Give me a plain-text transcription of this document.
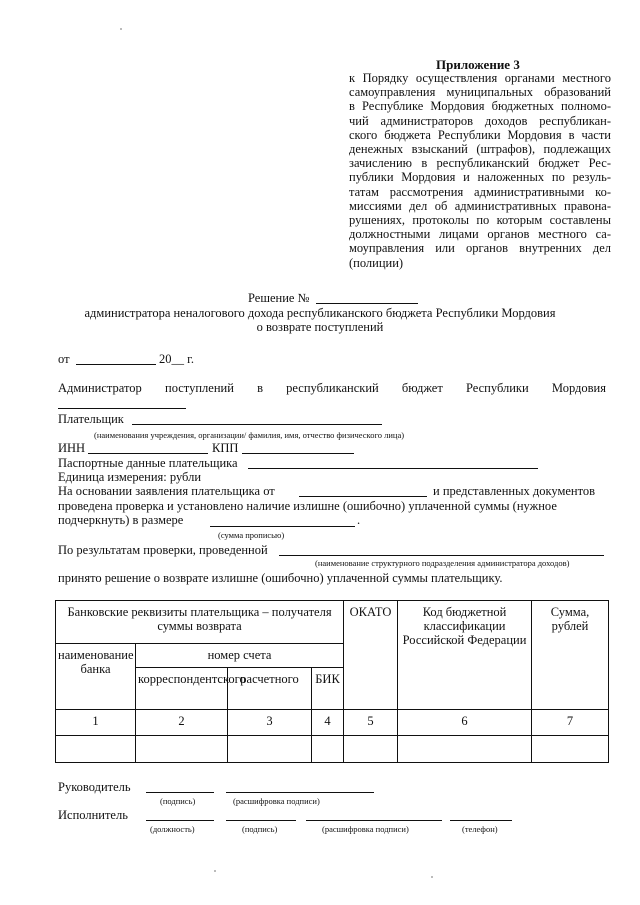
Приложение 3
к Порядку осуществления органами местного
самоуправления муниципальных образований
в Республике Мордовия бюджетных полномо-
чий администраторов доходов республикан-
ского бюджета Республики Мордовия в части
денежных взысканий (штрафов), подлежащих
зачислению в республиканский бюджет Рес-
публики Мордовия и наложенных по резуль-
татам рассмотрения административными ко-
миссиями дел об административных правона-
рушениях, протоколы по которым составлены
должностными лицами органов местного са-
моуправления или органов внутренних дел
(полиции)
Решение №
администратора неналогового дохода республиканского бюджета Республики Мордовия
о возврате поступлений
от	20__ г.
Администратор поступлений в республиканский бюджет Республики Мордовия
Плательщик
(наименования учреждения, организации/ фамилия, имя, отчество физического лица)
ИНН	КПП
Паспортные данные плательщика
Единица измерения: рубли
На основании заявления плательщика от	и представленных документов
проведена проверка и установлено наличие излишне (ошибочно) уплаченной суммы (нужное
подчеркнуть) в размере	.
(сумма прописью)
По результатам проверки, проведенной
(наименование структурного подразделения администратора доходов)
принято решение о возврате излишне (ошибочно) уплаченной суммы плательщику.
Банковские реквизиты плательщика – получателя суммы возврата				ОКАТО	Код бюджетной классификации Российской Федерации	Сумма, рублей
наименование банка	номер счета					
	корреспондентского	расчетного	БИК			
1	2	3	4	5	6	7

Руководитель
(подпись)	(расшифровка подписи)
Исполнитель
(должность)	(подпись)	(расшифровка подписи)	(телефон)
